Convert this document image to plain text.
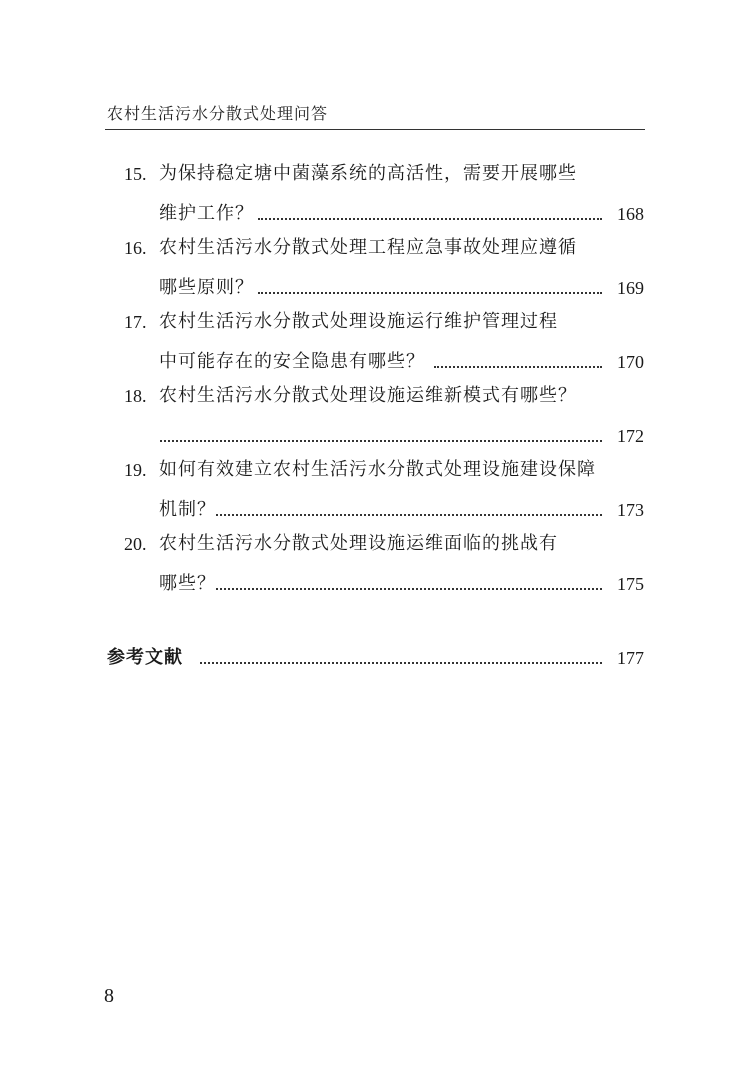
农村生活污水分散式处理问答
15. 为保持稳定塘中菌藻系统的高活性，需要开展哪些
维护工作？	168
16. 农村生活污水分散式处理工程应急事故处理应遵循
哪些原则？	169
17. 农村生活污水分散式处理设施运行维护管理过程
中可能存在的安全隐患有哪些？	170
18. 农村生活污水分散式处理设施运维新模式有哪些？
172
19. 如何有效建立农村生活污水分散式处理设施建设保障
机制？	173
20. 农村生活污水分散式处理设施运维面临的挑战有
哪些？	175
参考文献	177
8
